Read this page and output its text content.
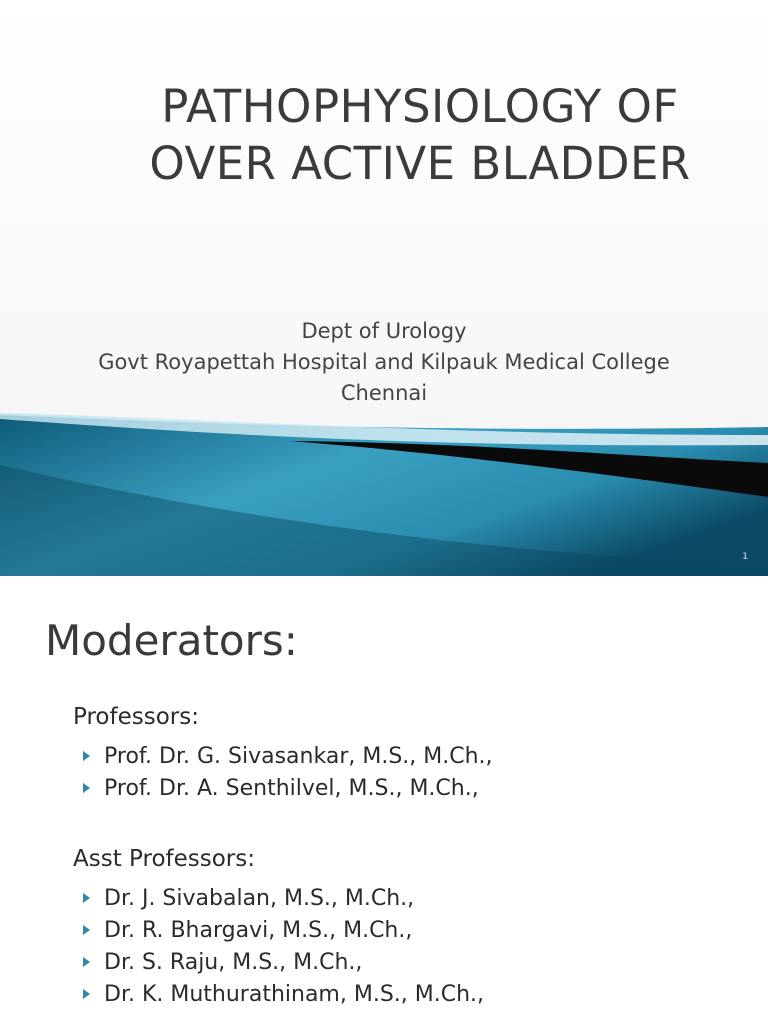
PATHOPHYSIOLOGY OF
OVER ACTIVE BLADDER
Dept of Urology
Govt Royapettah Hospital and Kilpauk Medical College
Chennai
1
Moderators:
Professors:
Prof. Dr. G. Sivasankar, M.S., M.Ch.,
Prof. Dr. A. Senthilvel, M.S., M.Ch.,
Asst Professors:
Dr. J. Sivabalan, M.S., M.Ch.,
Dr. R. Bhargavi, M.S., M.Ch.,
Dr. S. Raju, M.S., M.Ch.,
Dr. K. Muthurathinam, M.S., M.Ch.,
